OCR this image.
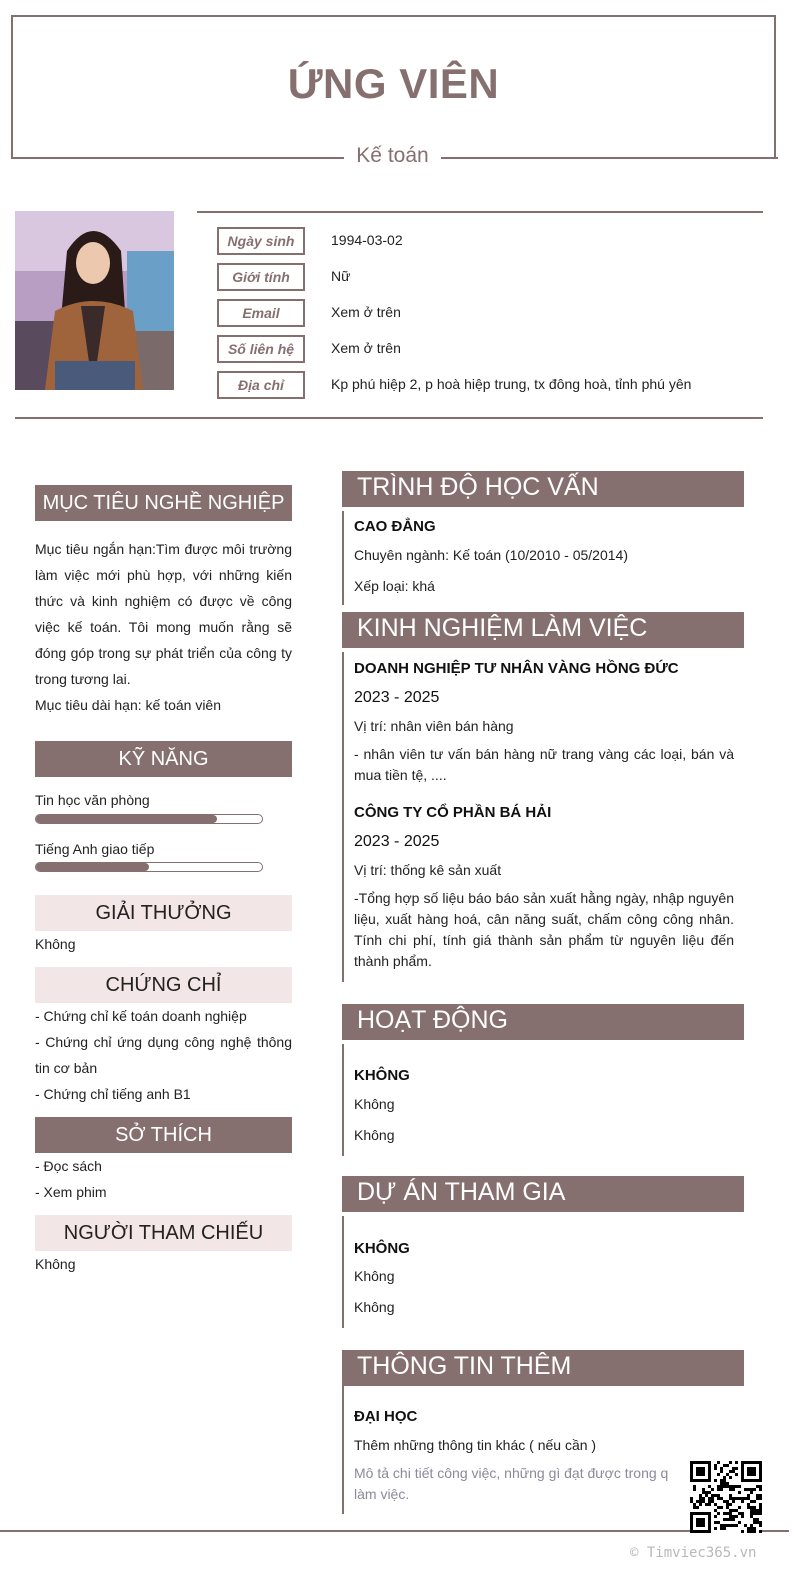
ỨNG VIÊN
Kế toán
Ngày sinh	1994-03-02
Giới tính	Nữ
Email	Xem ở trên
Số liên hệ	Xem ở trên
Địa chỉ	Kp phú hiệp 2, p hoà hiệp trung, tx đông hoà, tỉnh phú yên
MỤC TIÊU NGHỀ NGHIỆP
Mục tiêu ngắn hạn:Tìm được môi trường làm việc mới phù hợp, với những kiến thức và kinh nghiệm có được về công việc kế toán. Tôi mong muốn rằng sẽ đóng góp trong sự phát triển của công ty trong tương lai.
Mục tiêu dài hạn: kế toán viên
KỸ NĂNG
Tin học văn phòng
Tiếng Anh giao tiếp
GIẢI THƯỞNG
Không
CHỨNG CHỈ
- Chứng chỉ kế toán doanh nghiệp
- Chứng chỉ ứng dụng công nghệ thông tin cơ bản
- Chứng chỉ tiếng anh B1
SỞ THÍCH
- Đọc sách
- Xem phim
NGƯỜI THAM CHIẾU
Không
TRÌNH ĐỘ HỌC VẤN
CAO ĐẲNG
Chuyên ngành: Kế toán (10/2010 - 05/2014)
Xếp loại: khá
KINH NGHIỆM LÀM VIỆC
DOANH NGHIỆP TƯ NHÂN VÀNG HỒNG ĐỨC
2023 - 2025
Vị trí: nhân viên bán hàng
- nhân viên tư vấn bán hàng nữ trang vàng các loại, bán và mua tiền tệ, ....
CÔNG TY CỔ PHẦN BÁ HẢI
2023 - 2025
Vị trí: thống kê sản xuất
-Tổng hợp số liệu báo báo sản xuất hằng ngày, nhập nguyên liệu, xuất hàng hoá, cân năng suất, chấm công công nhân. Tính chi phí, tính giá thành sản phẩm từ nguyên liệu đến thành phẩm.
HOẠT ĐỘNG
KHÔNG
Không
Không
DỰ ÁN THAM GIA
KHÔNG
Không
Không
THÔNG TIN THÊM
ĐẠI HỌC
Thêm những thông tin khác ( nếu cần )
Mô tả chi tiết công việc, những gì đạt được trong q
làm việc.
© Timviec365.vn
